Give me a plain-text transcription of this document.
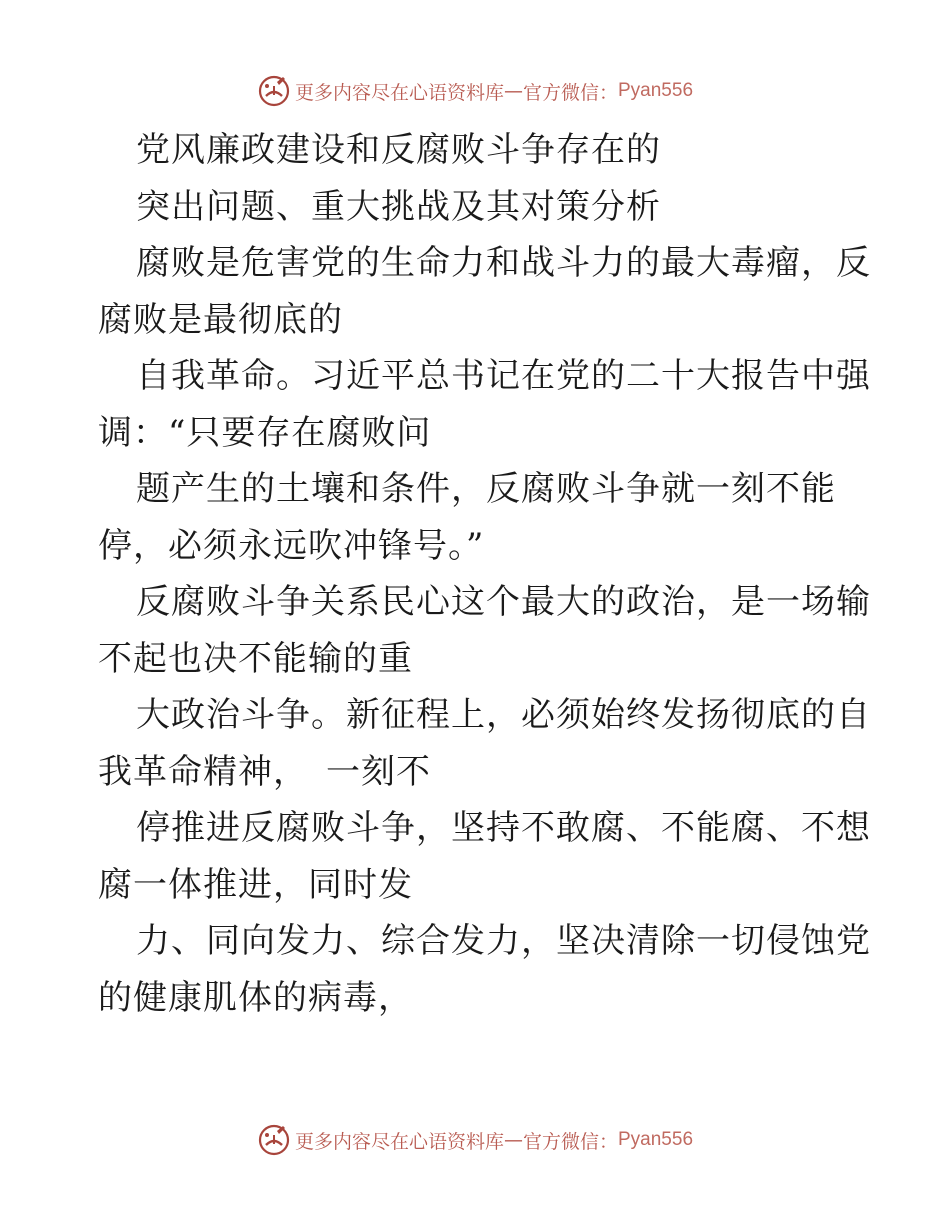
更多内容尽在心语资料库 — 官方微信： Pyan556
党风廉政建设和反腐败斗争存在的
突出问题、重大挑战及其对策分析
腐败是危害党的生命力和战斗力的最大毒瘤，反
腐败是最彻底的
自我革命。习近平总书记在党的二十大报告中强
调：“只要存在腐败问
题产生的土壤和条件，反腐败斗争就一刻不能
停，必须永远吹冲锋号。”
反腐败斗争关系民心这个最大的政治，是一场输
不起也决不能输的重
大政治斗争。新征程上，必须始终发扬彻底的自
我革命精神，　一刻不
停推进反腐败斗争，坚持不敢腐、不能腐、不想
腐一体推进，同时发
力、同向发力、综合发力，坚决清除一切侵蚀党
的健康肌体的病毒，
更多内容尽在心语资料库 — 官方微信： Pyan556
